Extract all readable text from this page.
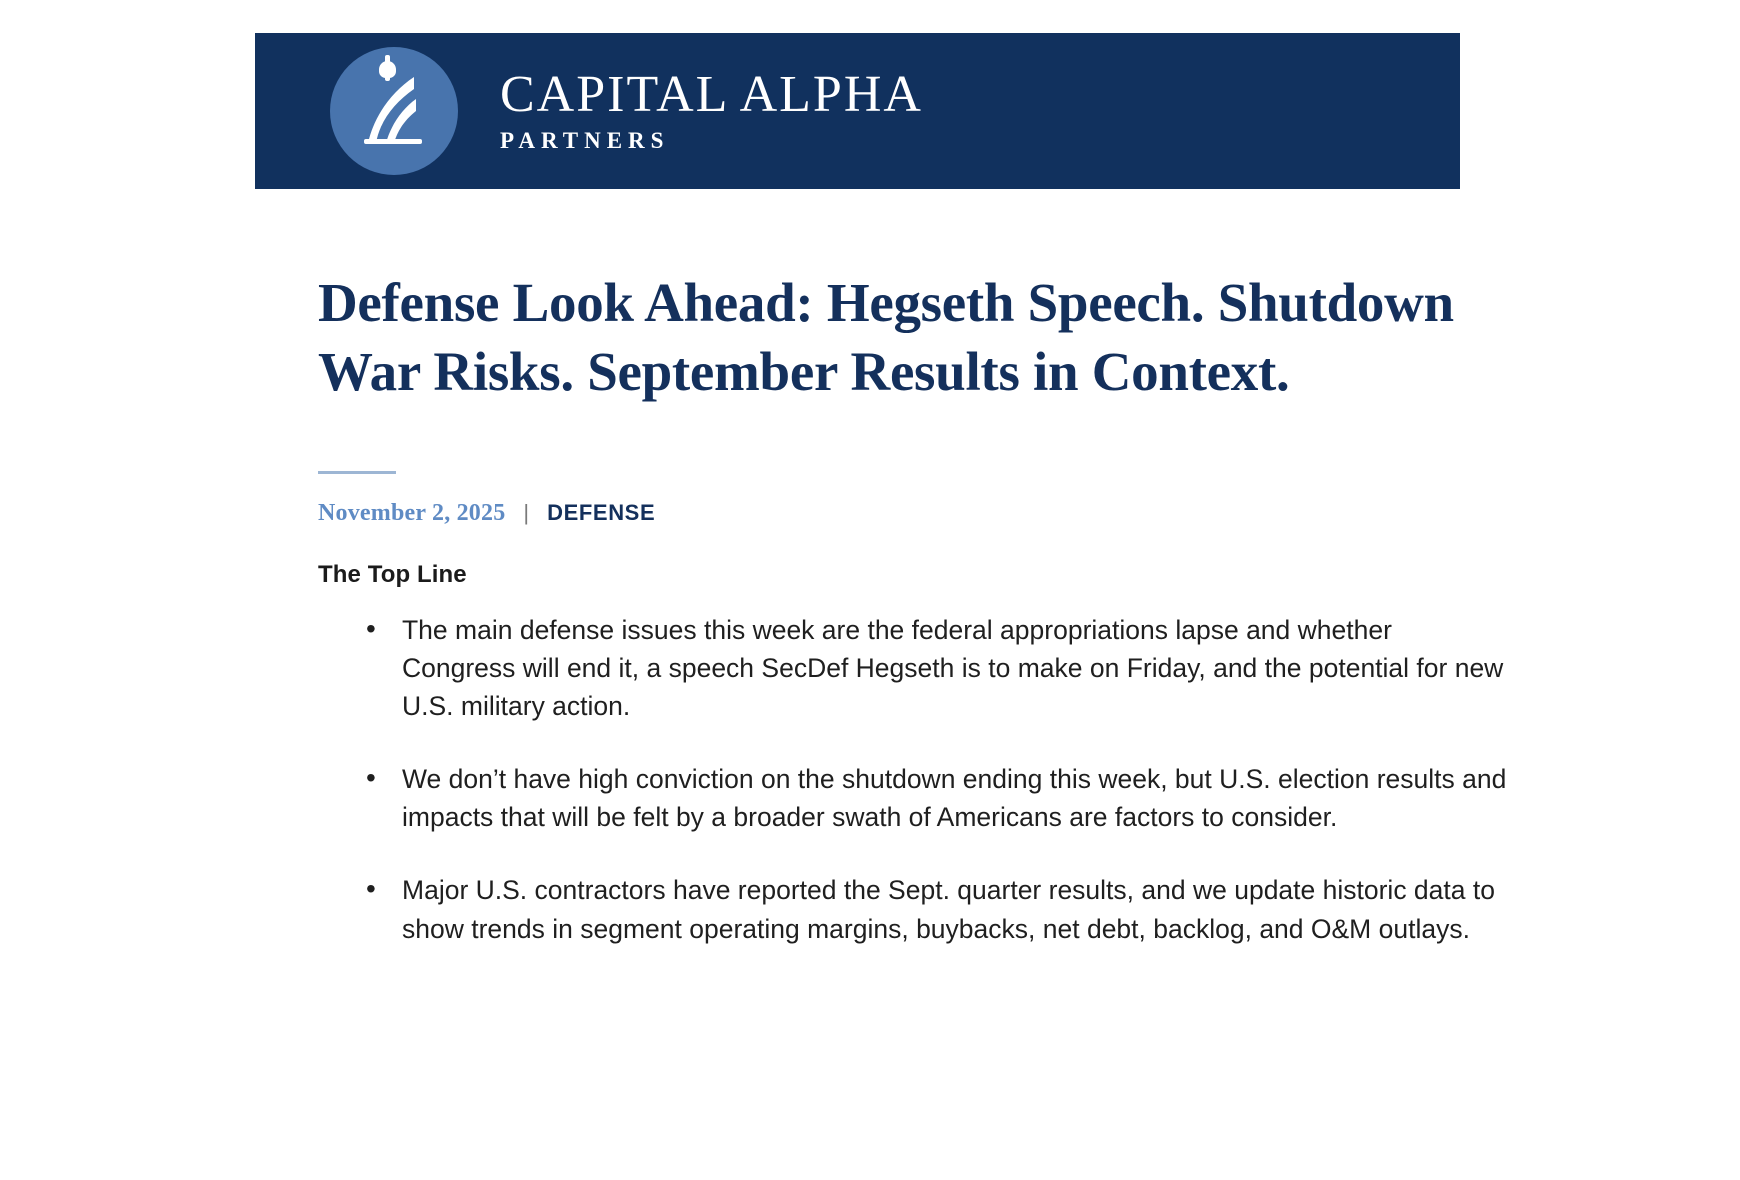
CAPITAL ALPHA
PARTNERS
Defense Look Ahead: Hegseth Speech. Shutdown War Risks. September Results in Context.
November 2, 2025 | DEFENSE
The Top Line
• The main defense issues this week are the federal appropriations lapse and whether Congress will end it, a speech SecDef Hegseth is to make on Friday, and the potential for new U.S. military action.
• We don’t have high conviction on the shutdown ending this week, but U.S. election results and impacts that will be felt by a broader swath of Americans are factors to consider.
• Major U.S. contractors have reported the Sept. quarter results, and we update historic data to show trends in segment operating margins, buybacks, net debt, backlog, and O&M outlays.
